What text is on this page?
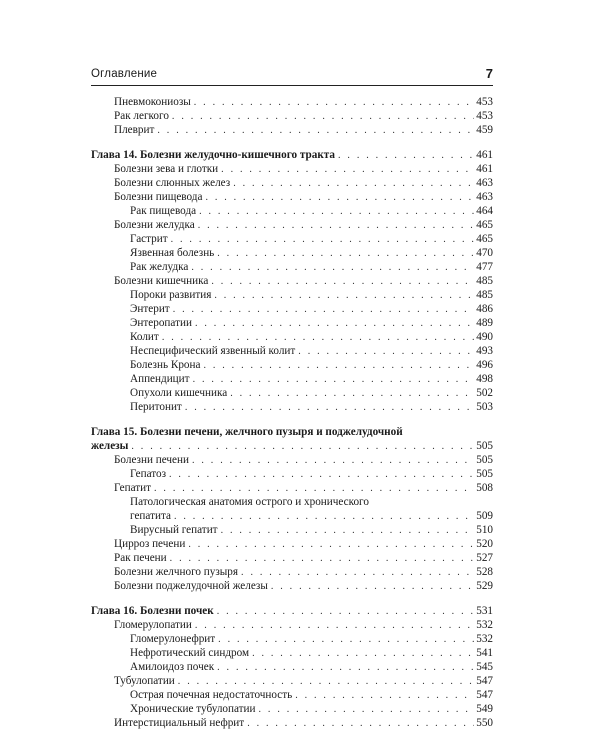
Оглавление	7
Пневмокониозы . . .	453
Рак легкого . . .	453
Плеврит . . .	459
Глава 14. Болезни желудочно-кишечного тракта . . .	461
Болезни зева и глотки . . .	461
Болезни слюнных желез . . .	463
Болезни пищевода . . .	463
Рак пищевода . . .	464
Болезни желудка . . .	465
Гастрит . . .	465
Язвенная болезнь . . .	470
Рак желудка . . .	477
Болезни кишечника . . .	485
Пороки развития . . .	485
Энтерит . . .	486
Энтеропатии . . .	489
Колит . . .	490
Неспецифический язвенный колит . . .	493
Болезнь Крона . . .	496
Аппендицит . . .	498
Опухоли кишечника . . .	502
Перитонит . . .	503
Глава 15. Болезни печени, желчного пузыря и поджелудочной
железы . . .	505
Болезни печени . . .	505
Гепатоз . . .	505
Гепатит . . .	508
Патологическая анатомия острого и хронического
гепатита . . .	509
Вирусный гепатит . . .	510
Цирроз печени . . .	520
Рак печени . . .	527
Болезни желчного пузыря . . .	528
Болезни поджелудочной железы . . .	529
Глава 16. Болезни почек . . .	531
Гломерулопатии . . .	532
Гломерулонефрит . . .	532
Нефротический синдром . . .	541
Амилоидоз почек . . .	545
Тубулопатии . . .	547
Острая почечная недостаточность . . .	547
Хронические тубулопатии . . .	549
Интерстициальный нефрит . . .	550
